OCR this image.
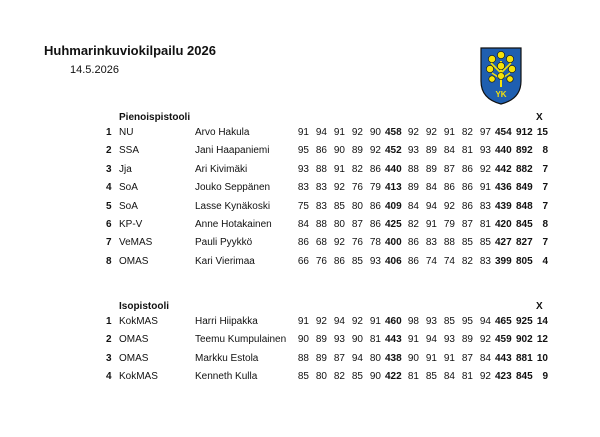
Huhmarinkuviokilpailu 2026
14.5.2026
YK
Pienoispistooli	X
1 NU	Arvo Hakula	91 94 91 92 90 458 92 92 91 82 97 454 912 15
2 SSA	Jani Haapaniemi	95 86 90 89 92 452 93 89 84 81 93 440 892 8
3 Jja	Ari Kivimäki	93 88 91 82 86 440 88 89 87 86 92 442 882 7
4 SoA	Jouko Seppänen	83 83 92 76 79 413 89 84 86 86 91 436 849 7
5 SoA	Lasse Kynäkoski	75 83 85 80 86 409 84 94 92 86 83 439 848 7
6 KP-V	Anne Hotakainen	84 88 80 87 86 425 82 91 79 87 81 420 845 8
7 VeMAS	Pauli Pyykkö	86 68 92 76 78 400 86 83 88 85 85 427 827 7
8 OMAS	Kari Vierimaa	66 76 86 85 93 406 86 74 74 82 83 399 805 4
Isopistooli	X
1 KokMAS	Harri Hiipakka	91 92 94 92 91 460 98 93 85 95 94 465 925 14
2 OMAS	Teemu Kumpulainen 90 89 93 90 81 443 91 94 93 89 92 459 902 12
3 OMAS	Markku Estola	88 89 87 94 80 438 90 91 91 87 84 443 881 10
4 KokMAS	Kenneth Kulla	85 80 82 85 90 422 81 85 84 81 92 423 845 9
